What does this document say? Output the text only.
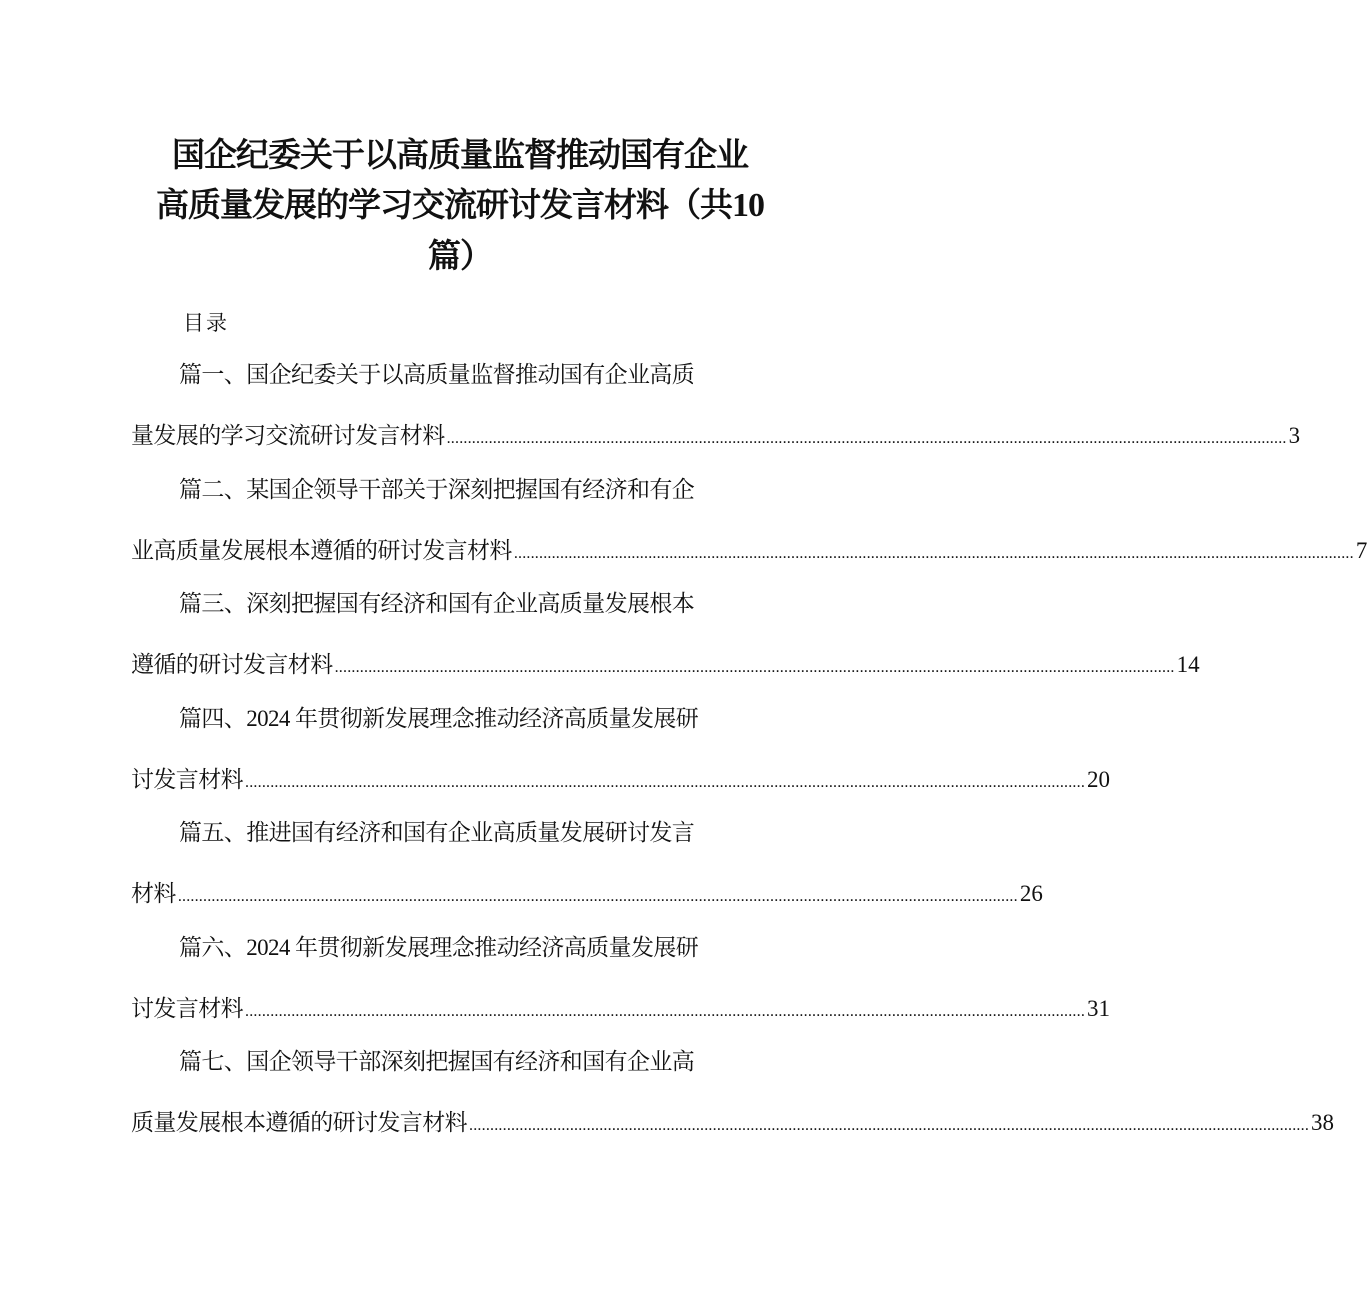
国企纪委关于以高质量监督推动国有企业
高质量发展的学习交流研讨发言材料（共10
篇）
目录
篇一、国企纪委关于以高质量监督推动国有企业高质
量发展的学习交流研讨发言材料 ........................................................................................................................................................................................................ 3
篇二、某国企领导干部关于深刻把握国有经济和有企
业高质量发展根本遵循的研讨发言材料 ........................................................................................................................................................................................................ 7
篇三、深刻把握国有经济和国有企业高质量发展根本
遵循的研讨发言材料 ........................................................................................................................................................................................................ 14
篇四、2024 年贯彻新发展理念推动经济高质量发展研
讨发言材料 ........................................................................................................................................................................................................ 20
篇五、推进国有经济和国有企业高质量发展研讨发言
材料 ........................................................................................................................................................................................................ 26
篇六、2024 年贯彻新发展理念推动经济高质量发展研
讨发言材料 ........................................................................................................................................................................................................ 31
篇七、国企领导干部深刻把握国有经济和国有企业高
质量发展根本遵循的研讨发言材料 ........................................................................................................................................................................................................ 38
